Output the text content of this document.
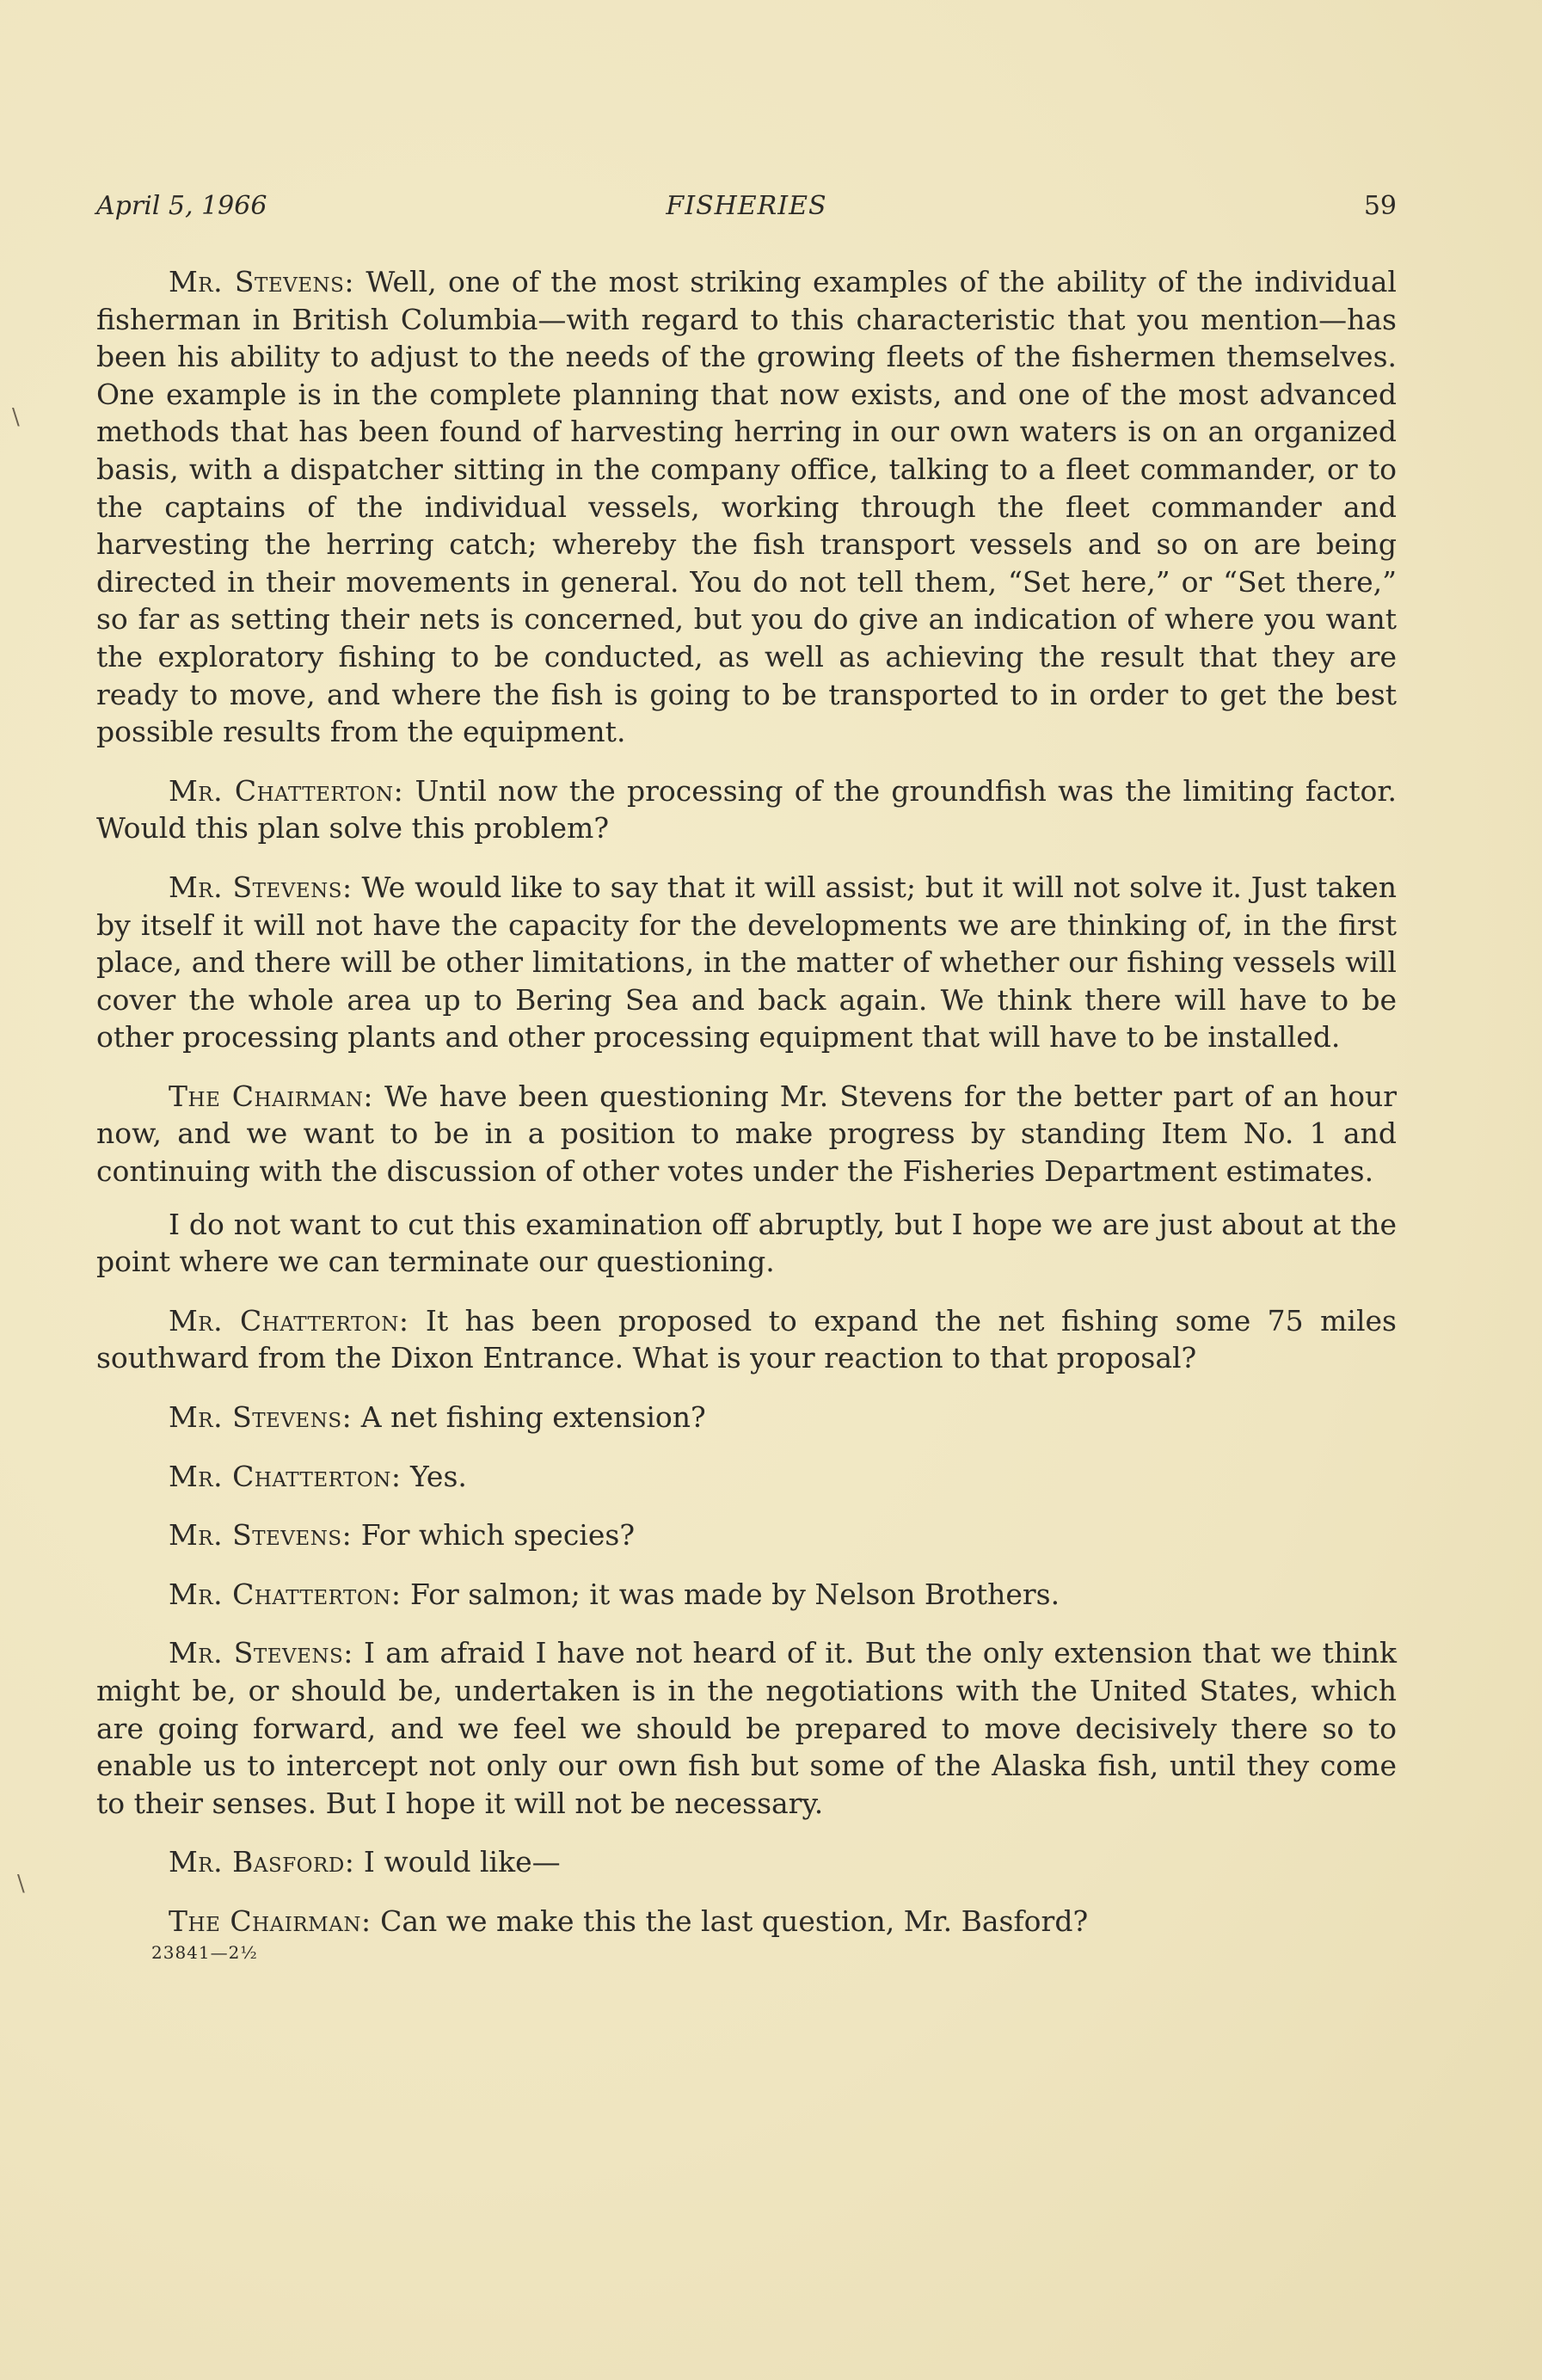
\
\
April 5, 1966	FISHERIES	59

Mr. Stevens: Well, one of the most striking examples of the ability of the individual fisherman in British Columbia—with regard to this characteristic that you mention—has been his ability to adjust to the needs of the growing fleets of the fishermen themselves. One example is in the complete planning that now exists, and one of the most advanced methods that has been found of harvesting herring in our own waters is on an organized basis, with a dispatcher sitting in the company office, talking to a fleet commander, or to the captains of the individual vessels, working through the fleet commander and harvesting the herring catch; whereby the fish transport vessels and so on are being directed in their movements in general. You do not tell them, “Set here,” or “Set there,” so far as setting their nets is concerned, but you do give an indication of where you want the exploratory fishing to be conducted, as well as achieving the result that they are ready to move, and where the fish is going to be transported to in order to get the best possible results from the equipment.

Mr. Chatterton: Until now the processing of the groundfish was the limiting factor. Would this plan solve this problem?

Mr. Stevens: We would like to say that it will assist; but it will not solve it. Just taken by itself it will not have the capacity for the developments we are thinking of, in the first place, and there will be other limitations, in the matter of whether our fishing vessels will cover the whole area up to Bering Sea and back again. We think there will have to be other processing plants and other processing equipment that will have to be installed.

The Chairman: We have been questioning Mr. Stevens for the better part of an hour now, and we want to be in a position to make progress by standing Item No. 1 and continuing with the discussion of other votes under the Fisheries Department estimates.

I do not want to cut this examination off abruptly, but I hope we are just about at the point where we can terminate our questioning.

Mr. Chatterton: It has been proposed to expand the net fishing some 75 miles southward from the Dixon Entrance. What is your reaction to that proposal?

Mr. Stevens: A net fishing extension?

Mr. Chatterton: Yes.

Mr. Stevens: For which species?

Mr. Chatterton: For salmon; it was made by Nelson Brothers.

Mr. Stevens: I am afraid I have not heard of it. But the only extension that we think might be, or should be, undertaken is in the negotiations with the United States, which are going forward, and we feel we should be prepared to move decisively there so to enable us to intercept not only our own fish but some of the Alaska fish, until they come to their senses. But I hope it will not be necessary.

Mr. Basford: I would like—

The Chairman: Can we make this the last question, Mr. Basford?

23841—2½
